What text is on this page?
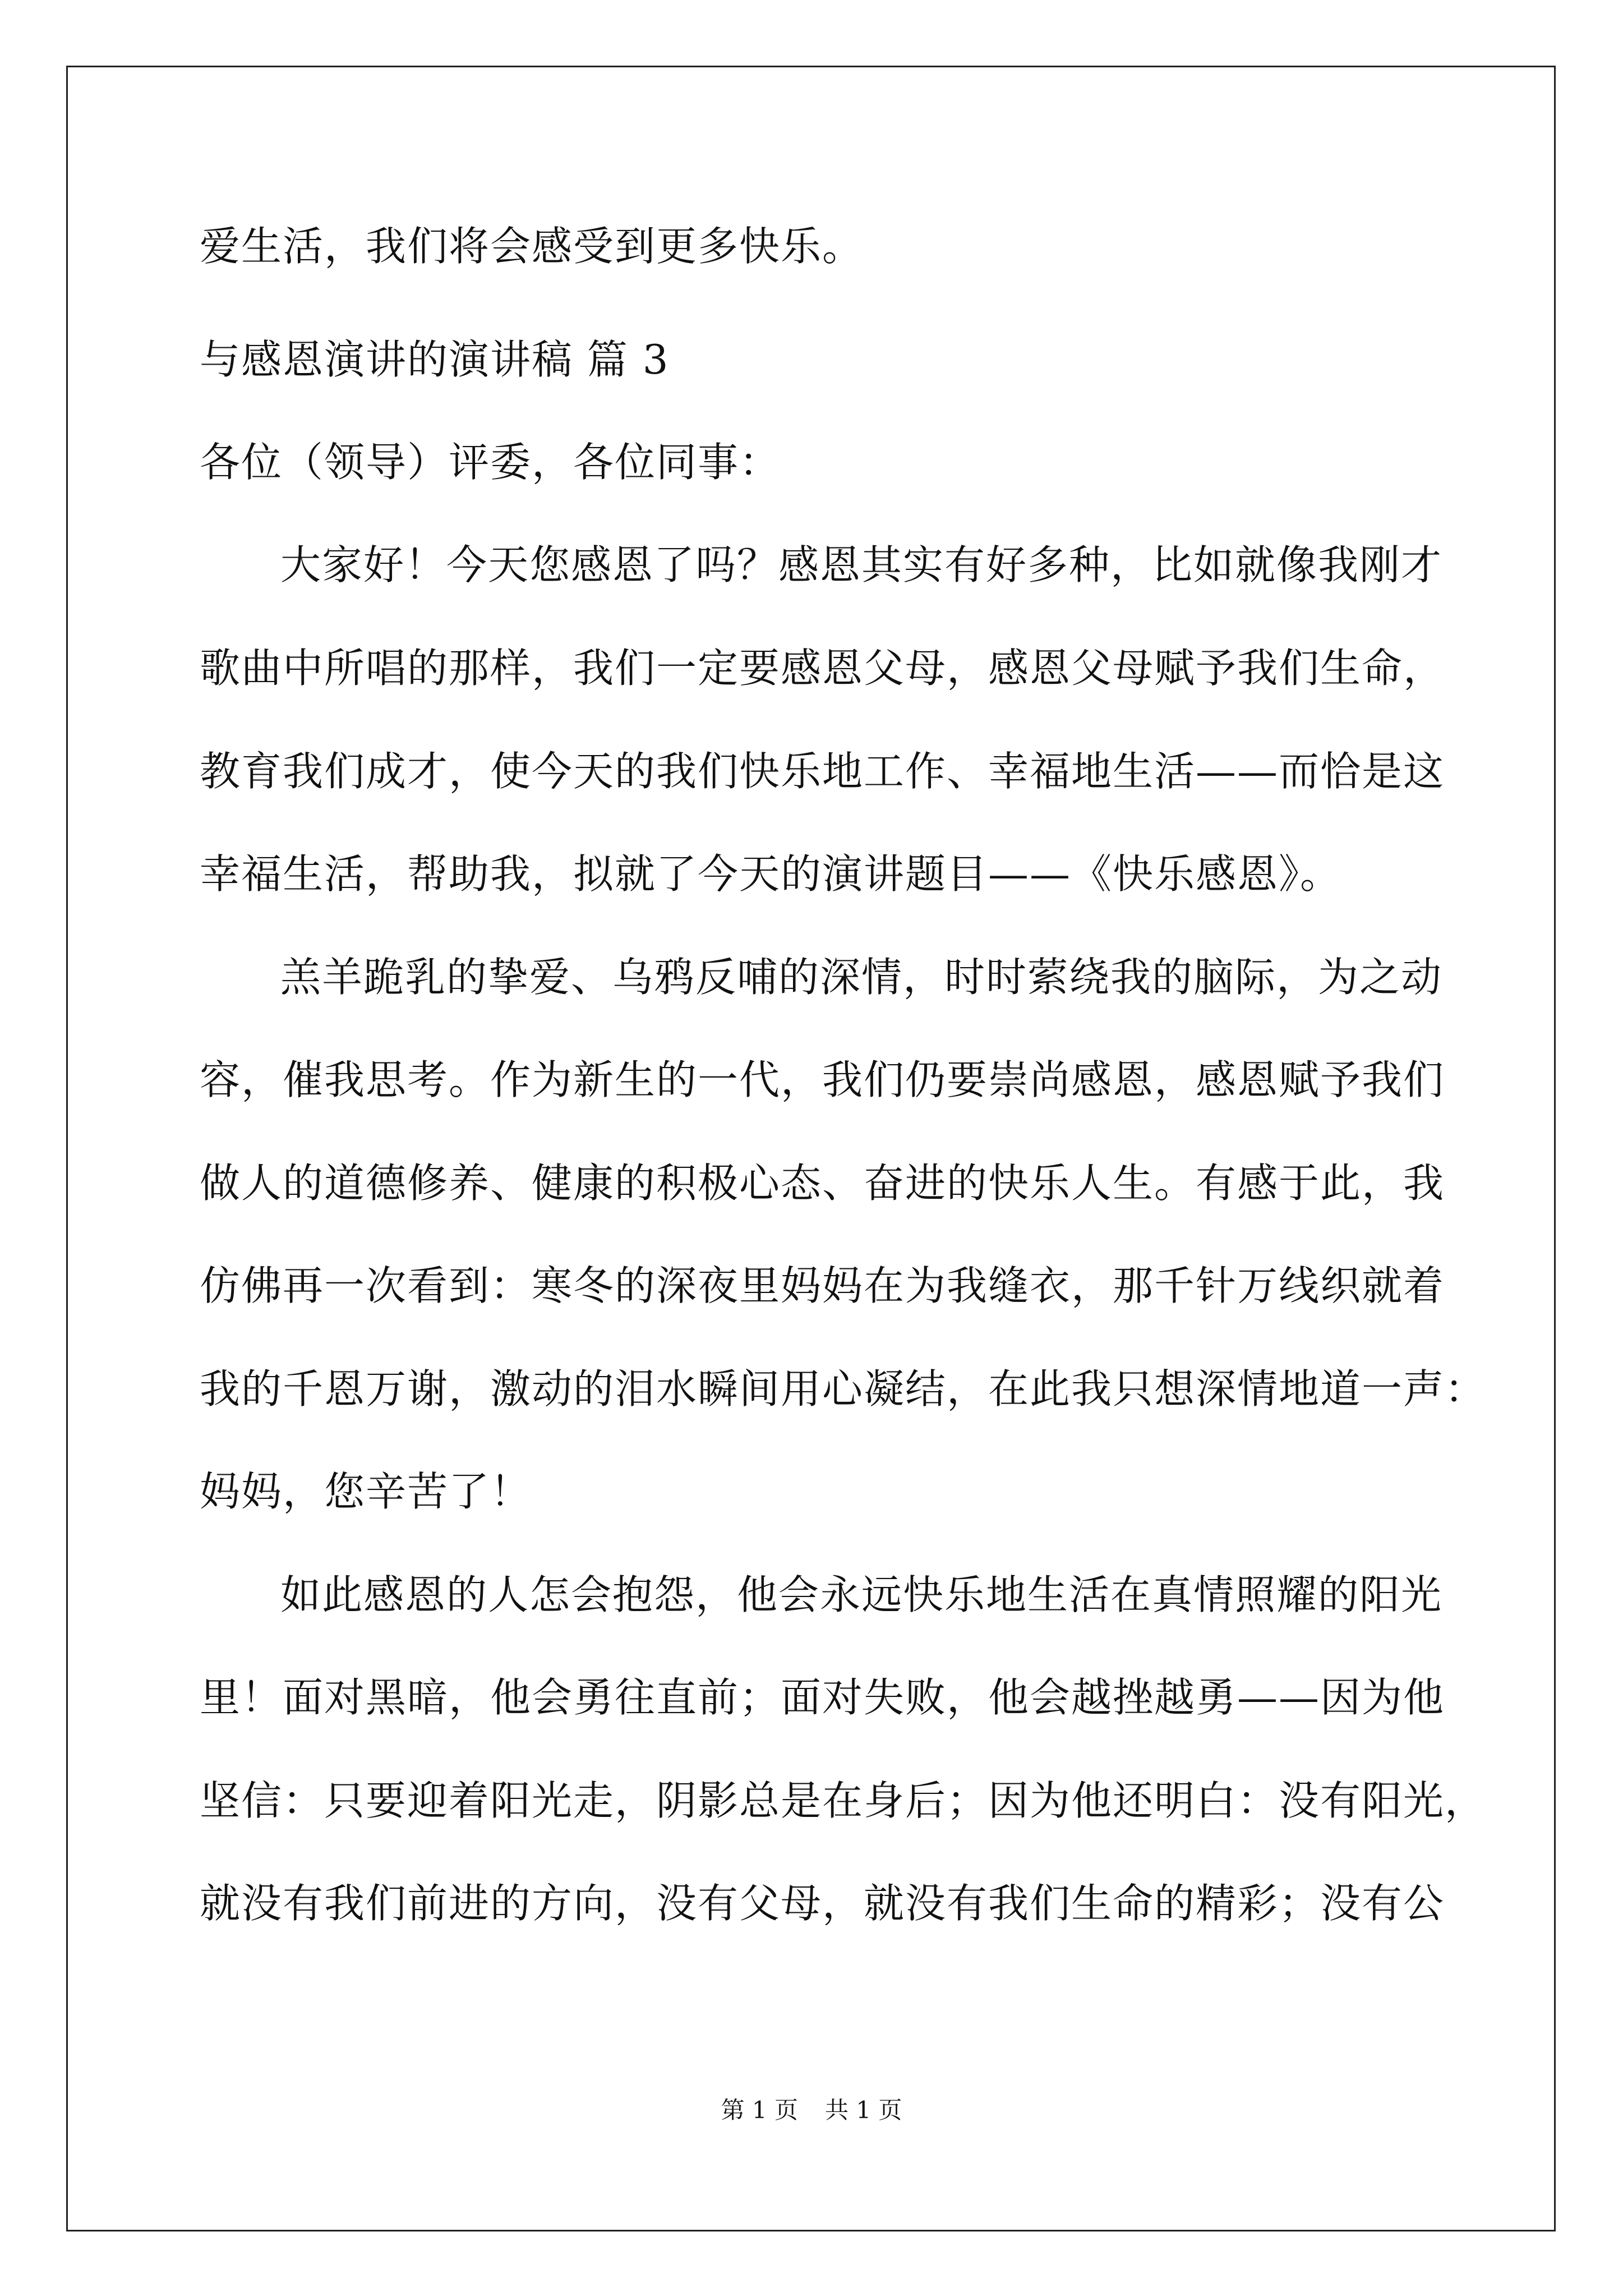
爱生活，我们将会感受到更多快乐。
与感恩演讲的演讲稿 篇 3
各位（领导）评委，各位同事：
大家好！今天您感恩了吗？感恩其实有好多种，比如就像我刚才
歌曲中所唱的那样，我们一定要感恩父母，感恩父母赋予我们生命，
教育我们成才，使今天的我们快乐地工作、幸福地生活——而恰是这
幸福生活，帮助我，拟就了今天的演讲题目——《快乐感恩》。
羔羊跪乳的挚爱、乌鸦反哺的深情，时时萦绕我的脑际，为之动
容，催我思考。作为新生的一代，我们仍要崇尚感恩，感恩赋予我们
做人的道德修养、健康的积极心态、奋进的快乐人生。有感于此，我
仿佛再一次看到：寒冬的深夜里妈妈在为我缝衣，那千针万线织就着
我的千恩万谢，激动的泪水瞬间用心凝结，在此我只想深情地道一声：
妈妈，您辛苦了！
如此感恩的人怎会抱怨，他会永远快乐地生活在真情照耀的阳光
里！面对黑暗，他会勇往直前；面对失败，他会越挫越勇——因为他
坚信：只要迎着阳光走，阴影总是在身后；因为他还明白：没有阳光，
就没有我们前进的方向，没有父母，就没有我们生命的精彩；没有公
第 1 页 共 1 页
